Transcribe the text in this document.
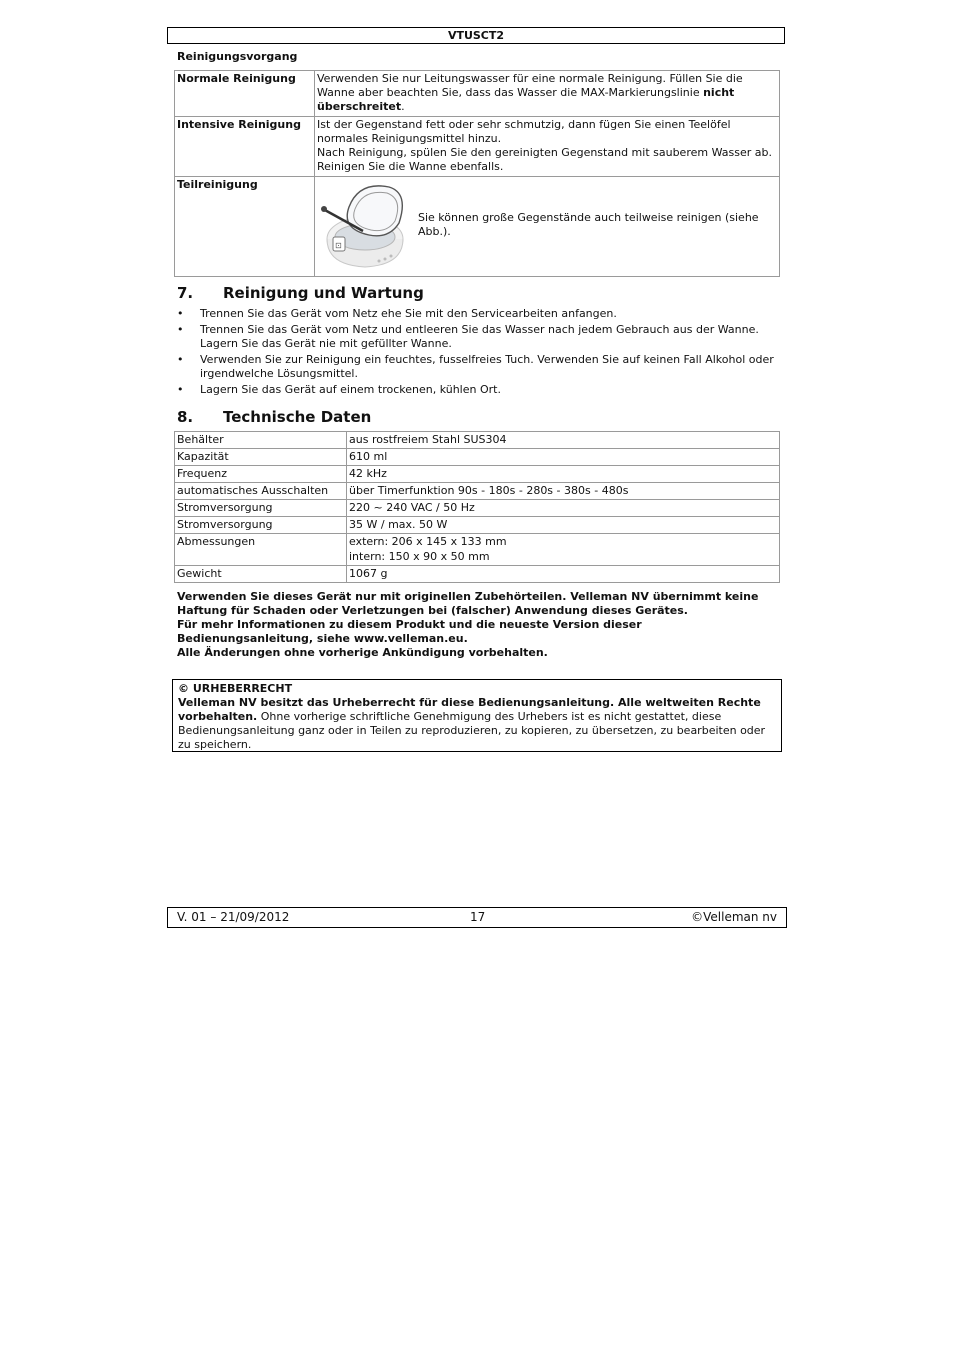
VTUSCT2
Reinigungsvorgang
Normale Reinigung	Verwenden Sie nur Leitungswasser für eine normale Reinigung. Füllen Sie die Wanne aber beachten Sie, dass das Wasser die MAX-Markierungslinie nicht überschreitet.
Intensive Reinigung	Ist der Gegenstand fett oder sehr schmutzig, dann fügen Sie einen Teelöfel normales Reinigungsmittel hinzu.
Nach Reinigung, spülen Sie den gereinigten Gegenstand mit sauberem Wasser ab. Reinigen Sie die Wanne ebenfalls.

Teilreinigung	⊡
Sie können große Gegenstände auch teilweise reinigen (siehe Abb.).
7. Reinigung und Wartung
• Trennen Sie das Gerät vom Netz ehe Sie mit den Servicearbeiten anfangen.
• Trennen Sie das Gerät vom Netz und entleeren Sie das Wasser nach jedem Gebrauch aus der Wanne. Lagern Sie das Gerät nie mit gefüllter Wanne.
• Verwenden Sie zur Reinigung ein feuchtes, fusselfreies Tuch. Verwenden Sie auf keinen Fall Alkohol oder irgendwelche Lösungsmittel.
• Lagern Sie das Gerät auf einem trockenen, kühlen Ort.
8. Technische Daten
Behälter	aus rostfreiem Stahl SUS304
Kapazität	610 ml
Frequenz	42 kHz
automatisches Ausschalten	über Timerfunktion 90s - 180s - 280s - 380s - 480s
Stromversorgung	220 ~ 240 VAC / 50 Hz
Stromversorgung	35 W / max. 50 W
Abmessungen	extern: 206 x 145 x 133 mm
intern: 150 x 90 x 50 mm

Gewicht	1067 g
Verwenden Sie dieses Gerät nur mit originellen Zubehörteilen. Velleman NV übernimmt keine Haftung für Schaden oder Verletzungen bei (falscher) Anwendung dieses Gerätes.
Für mehr Informationen zu diesem Produkt und die neueste Version dieser Bedienungsanleitung, siehe www.velleman.eu.
Alle Änderungen ohne vorherige Ankündigung vorbehalten.
© URHEBERRECHT
Velleman NV besitzt das Urheberrecht für diese Bedienungsanleitung. Alle weltweiten Rechte vorbehalten. Ohne vorherige schriftliche Genehmigung des Urhebers ist es nicht gestattet, diese Bedienungsanleitung ganz oder in Teilen zu reproduzieren, zu kopieren, zu übersetzen, zu bearbeiten oder zu speichern.
V. 01 – 21/09/2012	17	©Velleman nv
